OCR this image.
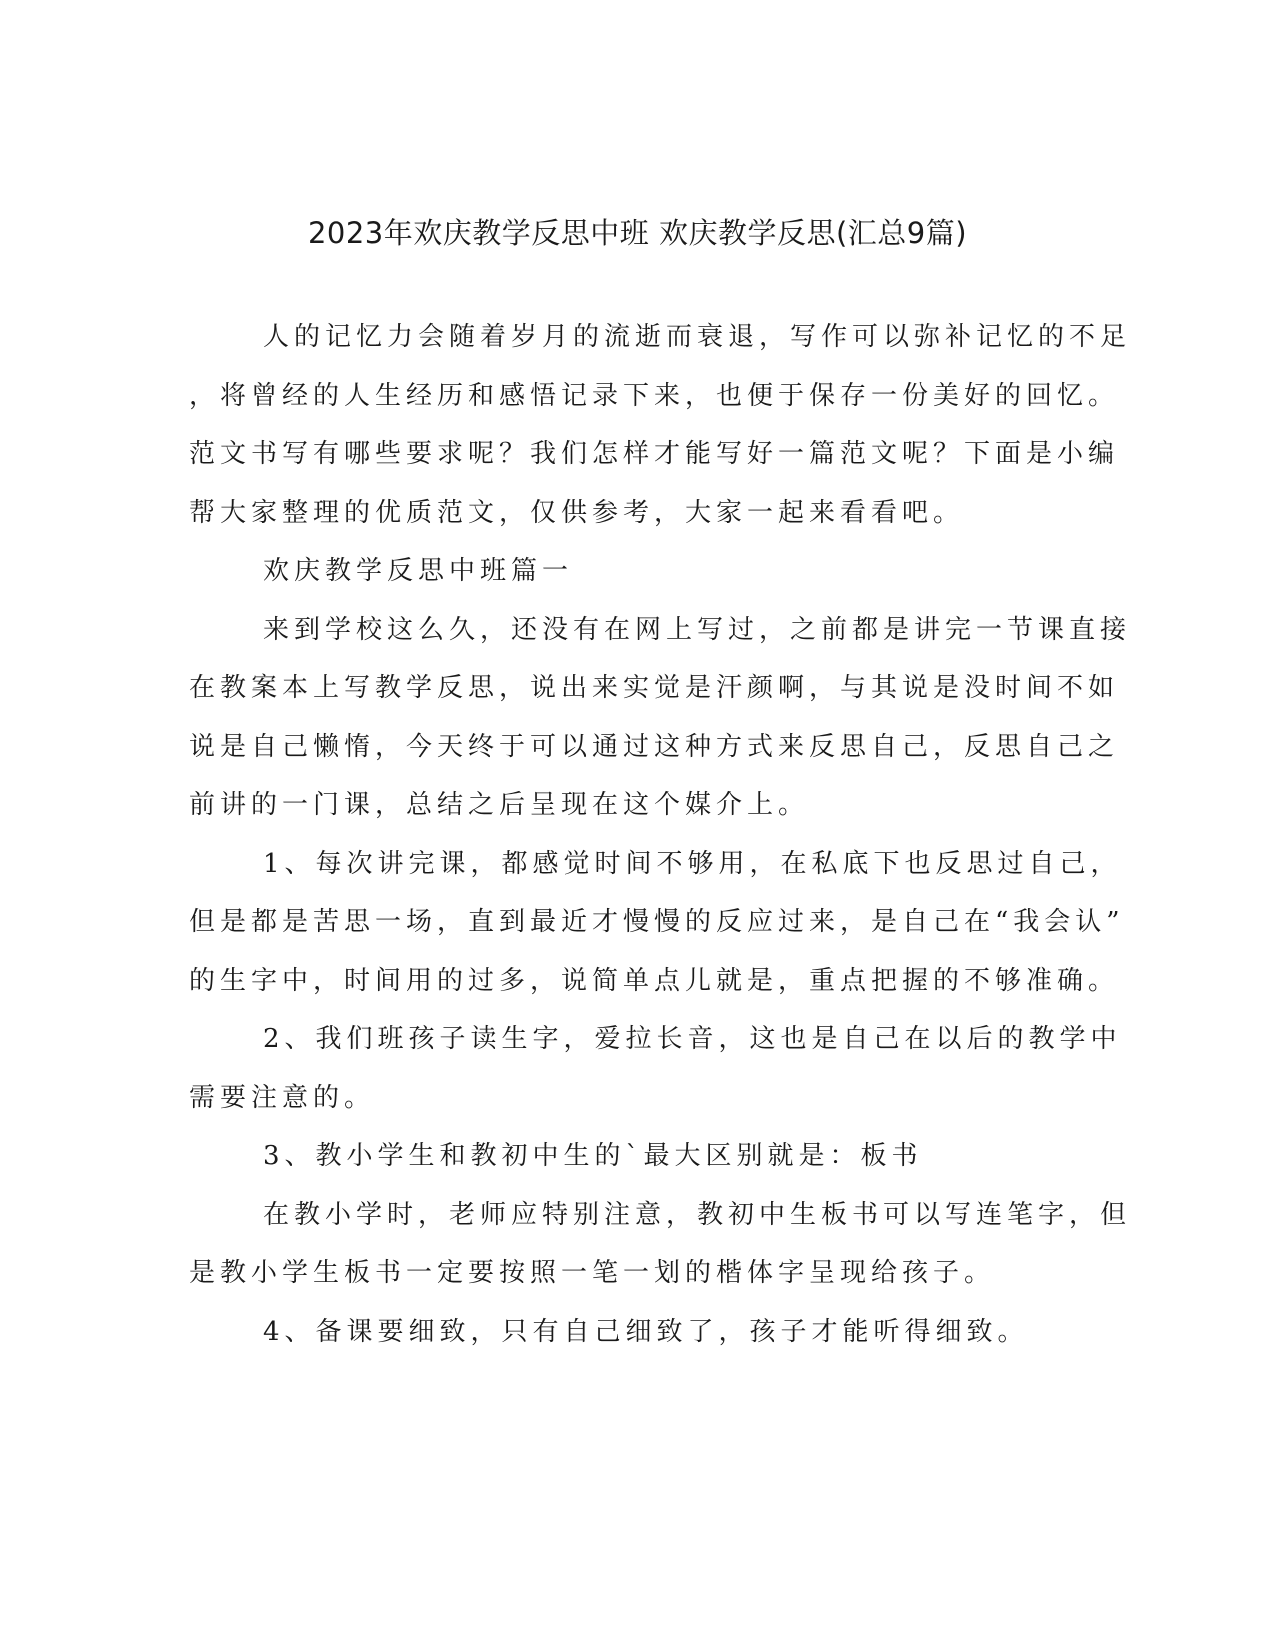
2023年欢庆教学反思中班 欢庆教学反思(汇总9篇)
人的记忆力会随着岁月的流逝而衰退，写作可以弥补记忆的不足
，将曾经的人生经历和感悟记录下来，也便于保存一份美好的回忆。
范文书写有哪些要求呢？我们怎样才能写好一篇范文呢？下面是小编
帮大家整理的优质范文，仅供参考，大家一起来看看吧。
欢庆教学反思中班篇一
来到学校这么久，还没有在网上写过，之前都是讲完一节课直接
在教案本上写教学反思，说出来实觉是汗颜啊，与其说是没时间不如
说是自己懒惰，今天终于可以通过这种方式来反思自己，反思自己之
前讲的一门课，总结之后呈现在这个媒介上。
1、每次讲完课，都感觉时间不够用，在私底下也反思过自己，
但是都是苦思一场，直到最近才慢慢的反应过来，是自己在“我会认”
的生字中，时间用的过多，说简单点儿就是，重点把握的不够准确。
2、我们班孩子读生字，爱拉长音，这也是自己在以后的教学中
需要注意的。
3、教小学生和教初中生的`最大区别就是：板书
在教小学时，老师应特别注意，教初中生板书可以写连笔字，但
是教小学生板书一定要按照一笔一划的楷体字呈现给孩子。
4、备课要细致，只有自己细致了，孩子才能听得细致。
